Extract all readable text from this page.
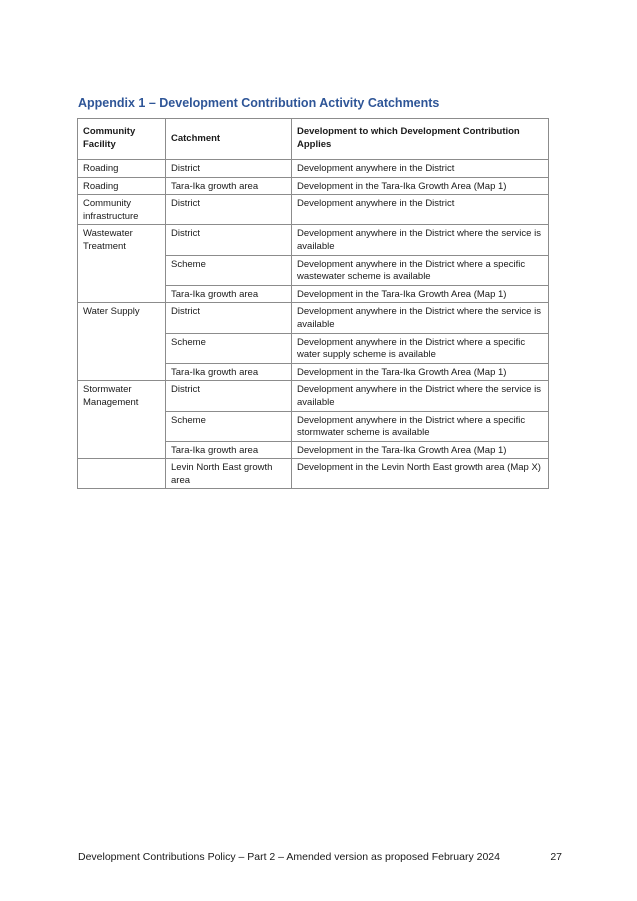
Appendix 1 – Development Contribution Activity Catchments
Community Facility	Catchment	Development to which Development Contribution Applies
Roading	District	Development anywhere in the District
Roading	Tara-Ika growth area	Development in the Tara-Ika Growth Area (Map 1)
Community infrastructure	District	Development anywhere in the District
Wastewater Treatment	District	Development anywhere in the District where the service is available
	Scheme	Development anywhere in the District where a specific wastewater scheme is available
	Tara-Ika growth area	Development in the Tara-Ika Growth Area (Map 1)
Water Supply	District	Development anywhere in the District where the service is available
	Scheme	Development anywhere in the District where a specific water supply scheme is available
	Tara-Ika growth area	Development in the Tara-Ika Growth Area (Map 1)
Stormwater Management	District	Development anywhere in the District where the service is available
	Scheme	Development anywhere in the District where a specific stormwater scheme is available
	Tara-Ika growth area	Development in the Tara-Ika Growth Area (Map 1)
	Levin North East growth area	Development in the Levin North East growth area (Map X)
Development Contributions Policy – Part 2 – Amended version as proposed February 2024	27
